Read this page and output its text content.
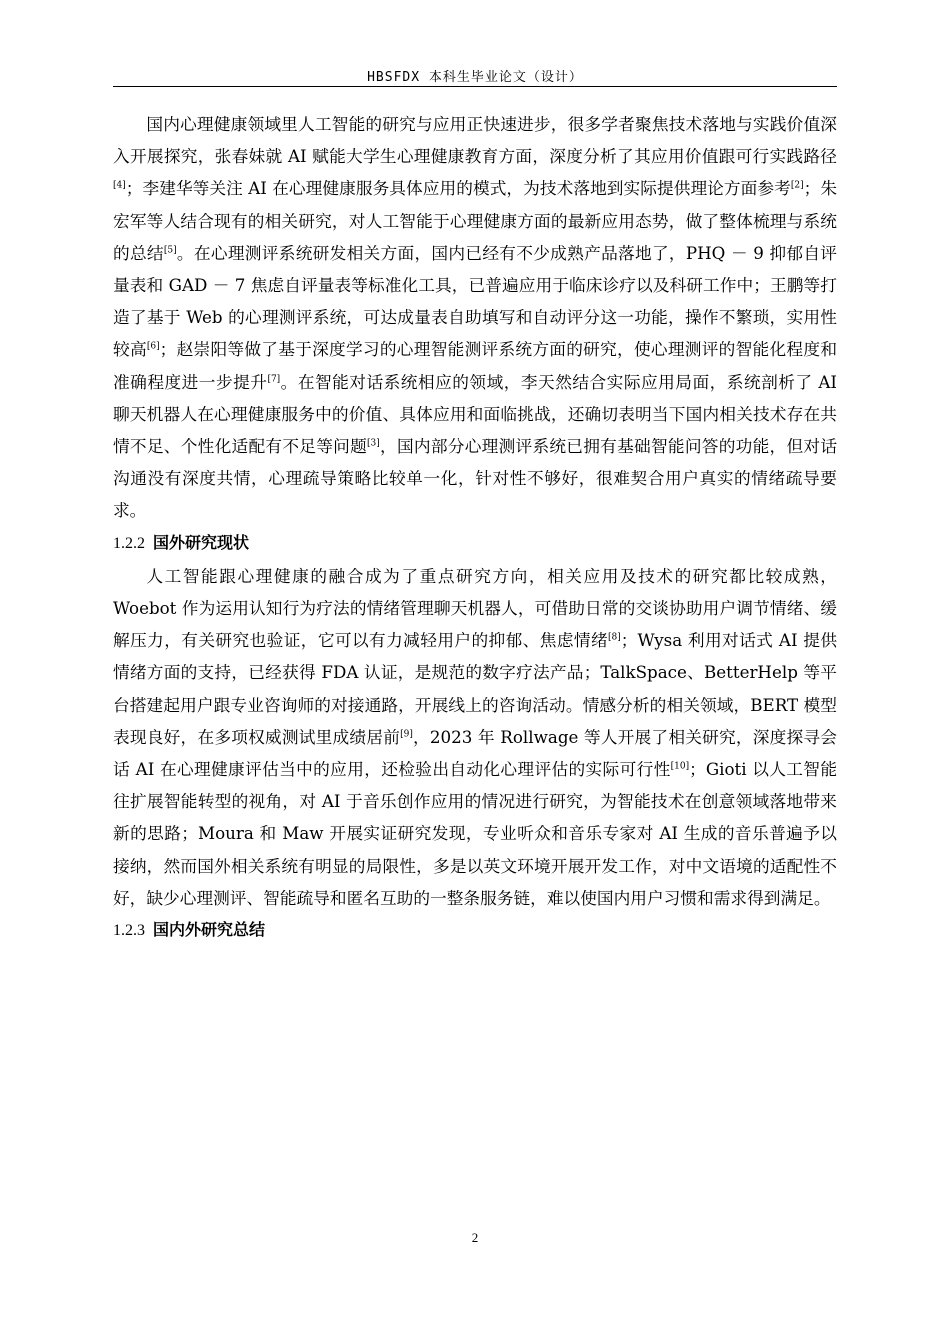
HBSFDX 本科生毕业论文（设计）

国内心理健康领域里人工智能的研究与应用正快速进步，很多学者聚焦技术落地与实践价值深入开展探究，张春妹就 AI 赋能大学生心理健康教育方面，深度分析了其应用价值跟可行实践路径[4]；李建华等关注 AI 在心理健康服务具体应用的模式，为技术落地到实际提供理论方面参考[2]；朱宏军等人结合现有的相关研究，对人工智能于心理健康方面的最新应用态势，做了整体梳理与系统的总结[5]。在心理测评系统研发相关方面，国内已经有不少成熟产品落地了，PHQ － 9 抑郁自评量表和 GAD － 7 焦虑自评量表等标准化工具，已普遍应用于临床诊疗以及科研工作中；王鹏等打造了基于 Web 的心理测评系统，可达成量表自助填写和自动评分这一功能，操作不繁琐，实用性较高[6]；赵崇阳等做了基于深度学习的心理智能测评系统方面的研究，使心理测评的智能化程度和准确程度进一步提升[7]。在智能对话系统相应的领域，李天然结合实际应用局面，系统剖析了 AI 聊天机器人在心理健康服务中的价值、具体应用和面临挑战，还确切表明当下国内相关技术存在共情不足、个性化适配有不足等问题[3]，国内部分心理测评系统已拥有基础智能问答的功能，但对话沟通没有深度共情，心理疏导策略比较单一化，针对性不够好，很难契合用户真实的情绪疏导要求。

1.2.2 国外研究现状

人工智能跟心理健康的融合成为了重点研究方向，相关应用及技术的研究都比较成熟，Woebot 作为运用认知行为疗法的情绪管理聊天机器人，可借助日常的交谈协助用户调节情绪、缓解压力，有关研究也验证，它可以有力减轻用户的抑郁、焦虑情绪[8]；Wysa 利用对话式 AI 提供情绪方面的支持，已经获得 FDA 认证，是规范的数字疗法产品；TalkSpace、BetterHelp 等平台搭建起用户跟专业咨询师的对接通路，开展线上的咨询活动。情感分析的相关领域，BERT 模型表现良好，在多项权威测试里成绩居前[9]，2023 年 Rollwage 等人开展了相关研究，深度探寻会话 AI 在心理健康评估当中的应用，还检验出自动化心理评估的实际可行性[10]；Gioti 以人工智能往扩展智能转型的视角，对 AI 于音乐创作应用的情况进行研究，为智能技术在创意领域落地带来新的思路；Moura 和 Maw 开展实证研究发现，专业听众和音乐专家对 AI 生成的音乐普遍予以接纳，然而国外相关系统有明显的局限性，多是以英文环境开展开发工作，对中文语境的适配性不好，缺少心理测评、智能疏导和匿名互助的一整条服务链，难以使国内用户习惯和需求得到满足。

1.2.3 国内外研究总结

2
